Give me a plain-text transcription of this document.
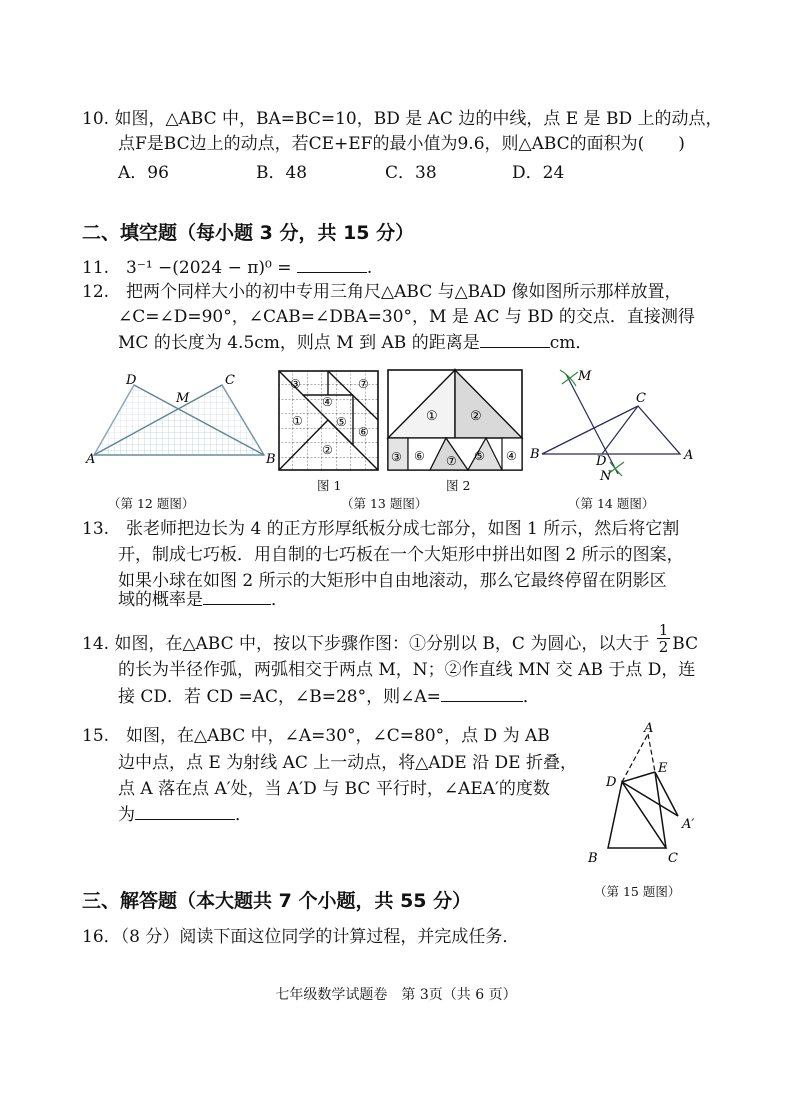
10. 如图，△ABC 中，BA=BC=10，BD 是 AC 边的中线，点 E 是 BD 上的动点，
点F是BC边上的动点，若CE+EF的最小值为9.6，则△ABC的面积为(　　)
A．96	B．48	C．38	D．24
二、填空题（每小题 3 分，共 15 分）
11.　3⁻¹ −(2024 − π)⁰ =	.
12.　把两个同样大小的初中专用三角尺△ABC 与△BAD 像如图所示那样放置，
∠C=∠D=90°，∠CAB=∠DBA=30°，M 是 AC 与 BD 的交点．直接测得
MC 的长度为 4.5cm，则点 M 到 AB 的距离是	cm．
D	C
M
A	B
（第 12 题图）
③
④
⑦
①	⑤
⑥
②
图 1
① ②
③ ⑥ ⑦ ⑤ ④
图 2
（第 13 题图）
M
C
B	D
N
A
（第 14 题图）
13.　张老师把边长为 4 的正方形厚纸板分成七部分，如图 1 所示，然后将它割
开，制成七巧板．用自制的七巧板在一个大矩形中拼出如图 2 所示的图案，
如果小球在如图 2 所示的大矩形中自由地滚动，那么它最终停留在阴影区
域的概率是	．
14. 如图，在△ABC 中，按以下步骤作图：①分别以 B，C 为圆心，以大于 $\frac{1}{2}$ BC
的长为半径作弧，两弧相交于两点 M，N；②作直线 MN 交 AB 于点 D，连
接 CD．若 CD =AC，∠B=28°，则∠A=	．
15.　如图，在△ABC 中，∠A=30°，∠C=80°，点 D 为 AB
边中点，点 E 为射线 AC 上一动点，将△ADE 沿 DE 折叠，
点 A 落在点 A′处，当 A′D 与 BC 平行时，∠AEA′的度数
为	．
A
E
D
A′
B	C
（第 15 题图）
三、解答题（本大题共 7 个小题，共 55 分）
16．（8 分）阅读下面这位同学的计算过程，并完成任务．
七年级数学试题卷　第 3页（共 6 页）
